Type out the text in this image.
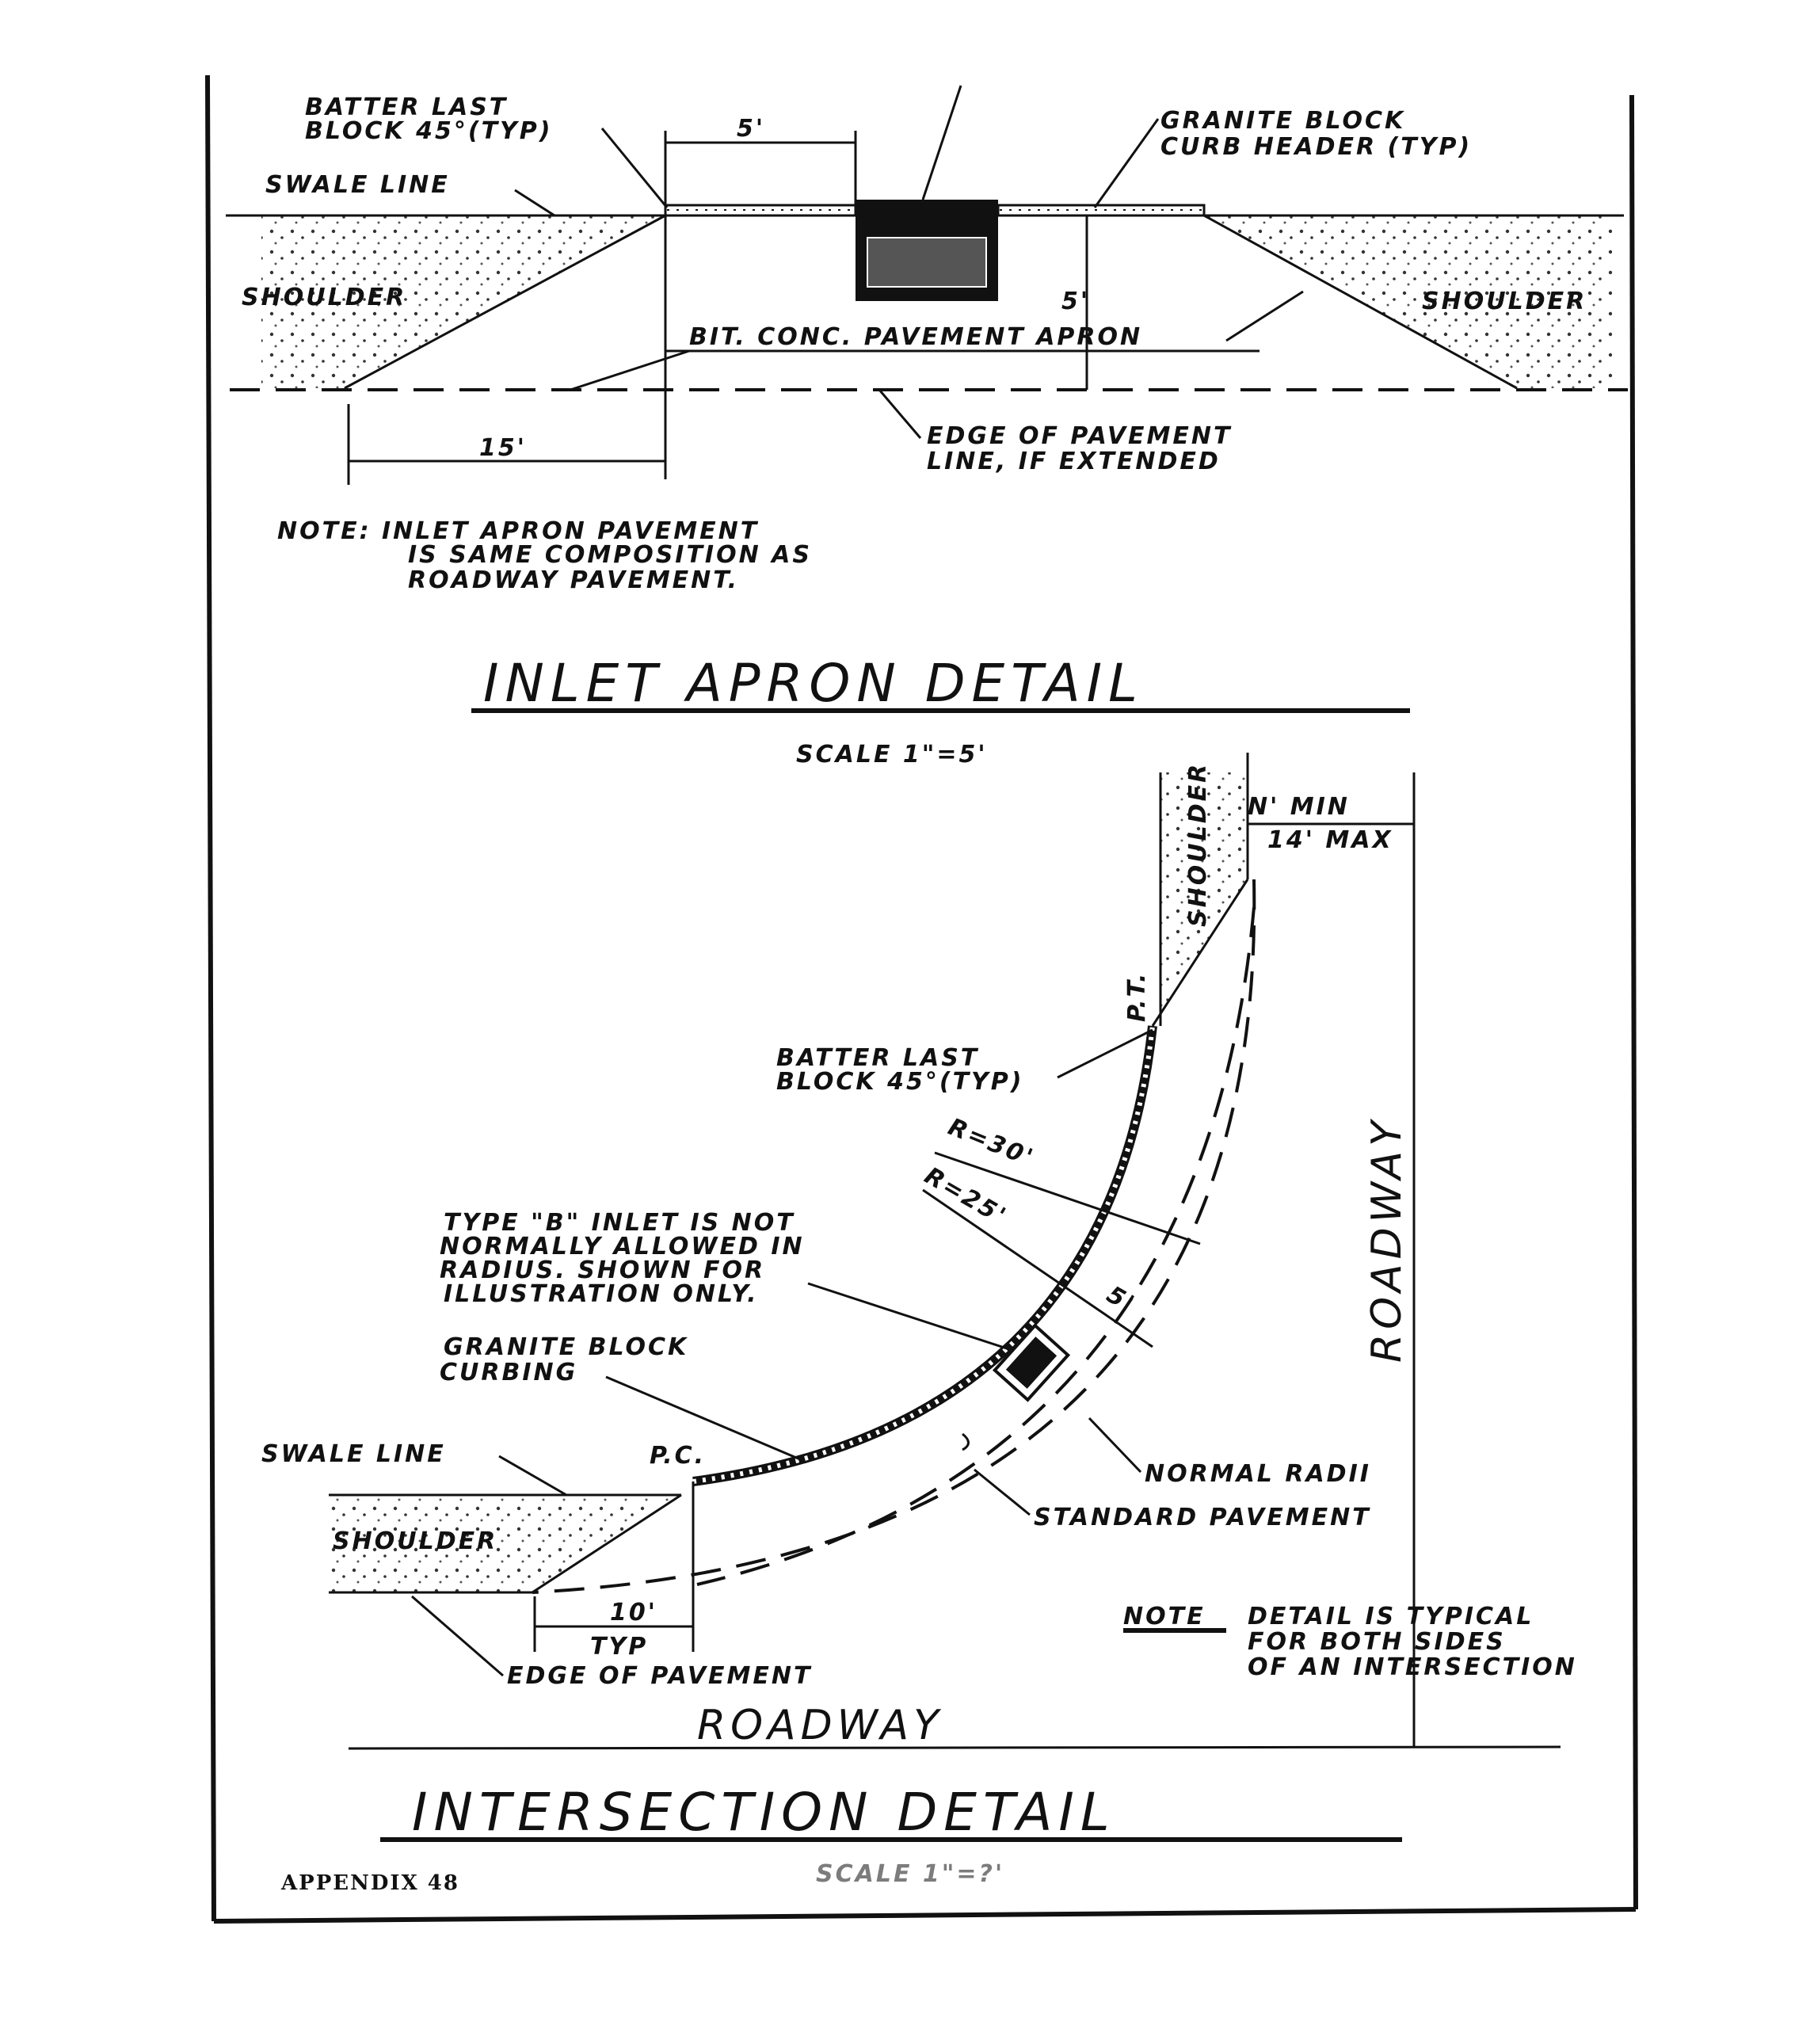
5'
5'
15'
BATTER LAST
BLOCK 45°(TYP)	GRANITE BLOCK
CURB HEADER (TYP)
SWALE LINE
SHOULDER	SHOULDER
BIT. CONC. PAVEMENT APRON
EDGE OF PAVEMENT
LINE, IF EXTENDED
NOTE: INLET APRON PAVEMENT
IS SAME COMPOSITION AS
ROADWAY PAVEMENT.
INLET APRON DETAIL
SCALE 1"=5'
SHOULDER
P.T.
R=30'
R=25'
5'
N' MIN
14' MAX
BATTER LAST
BLOCK 45°(TYP)
TYPE "B" INLET IS NOT
NORMALLY ALLOWED IN
RADIUS. SHOWN FOR
ILLUSTRATION ONLY.
GRANITE BLOCK
CURBING
SWALE LINE	P.C.
SHOULDER
10'
TYP
EDGE OF PAVEMENT
NORMAL RADII
STANDARD PAVEMENT
NOTE DETAIL IS TYPICAL
FOR BOTH SIDES
OF AN INTERSECTION
ROADWAY
ROADWAY
INTERSECTION DETAIL
SCALE 1"=?'
APPENDIX 48
